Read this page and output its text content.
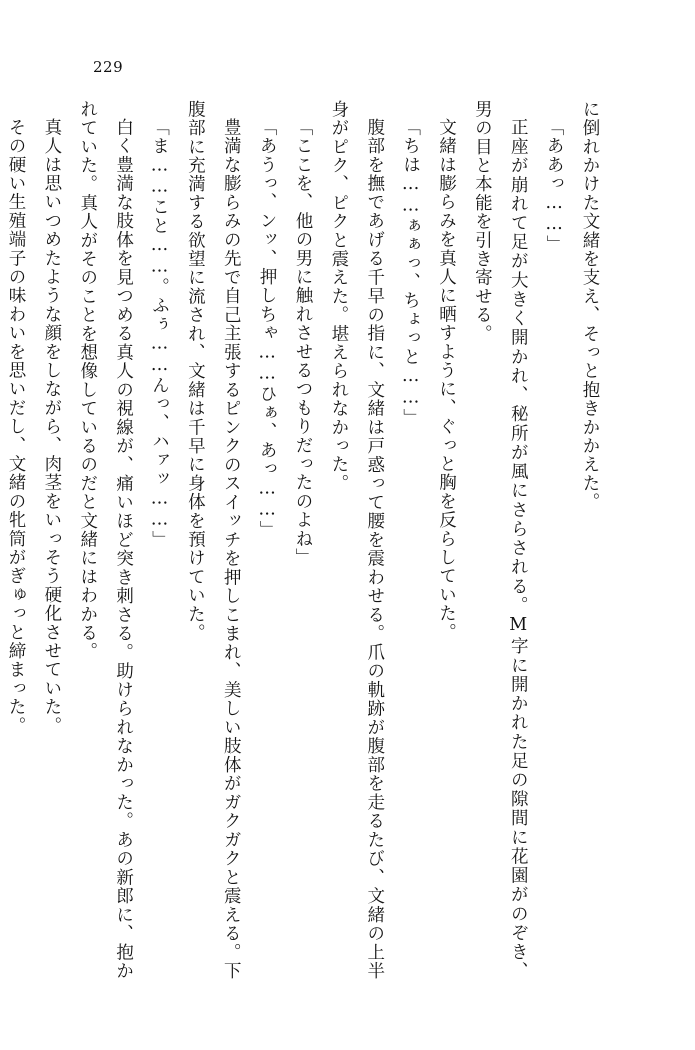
229

に倒れかけた文緒を支え、そっと抱きかかえた。

「ああっ……」

正座が崩れて足が大きく開かれ、秘所が風にさらされる。M字に開かれた足の隙間に花園がのぞき、男の目と本能を引き寄せる。

文緒は膨らみを真人に晒すように、ぐっと胸を反らしていた。

「ちは……ぁぁっ、ちょっと……」

腹部を撫であげる千早の指に、文緒は戸惑って腰を震わせる。爪の軌跡が腹部を走るたび、文緒の上半身がピク、ピクと震えた。堪えられなかった。

「ここを、他の男に触れさせるつもりだったのよね」

「あうっ、ンッ、押しちゃ……ひぁ、あっ……」

豊満な膨らみの先で自己主張するピンクのスイッチを押しこまれ、美しい肢体がガクガクと震える。下腹部に充満する欲望に流され、文緒は千早に身体を預けていた。

「ま……こと……。ふぅ……んっ、ハァッ……」

白く豊満な肢体を見つめる真人の視線が、痛いほど突き刺さる。助けられなかった。あの新郎に、抱かれていた。真人がそのことを想像しているのだと文緒にはわかる。

真人は思いつめたような顔をしながら、肉茎をいっそう硬化させていた。

その硬い生殖端子の味わいを思いだし、文緒の牝筒がぎゅっと締まった。
